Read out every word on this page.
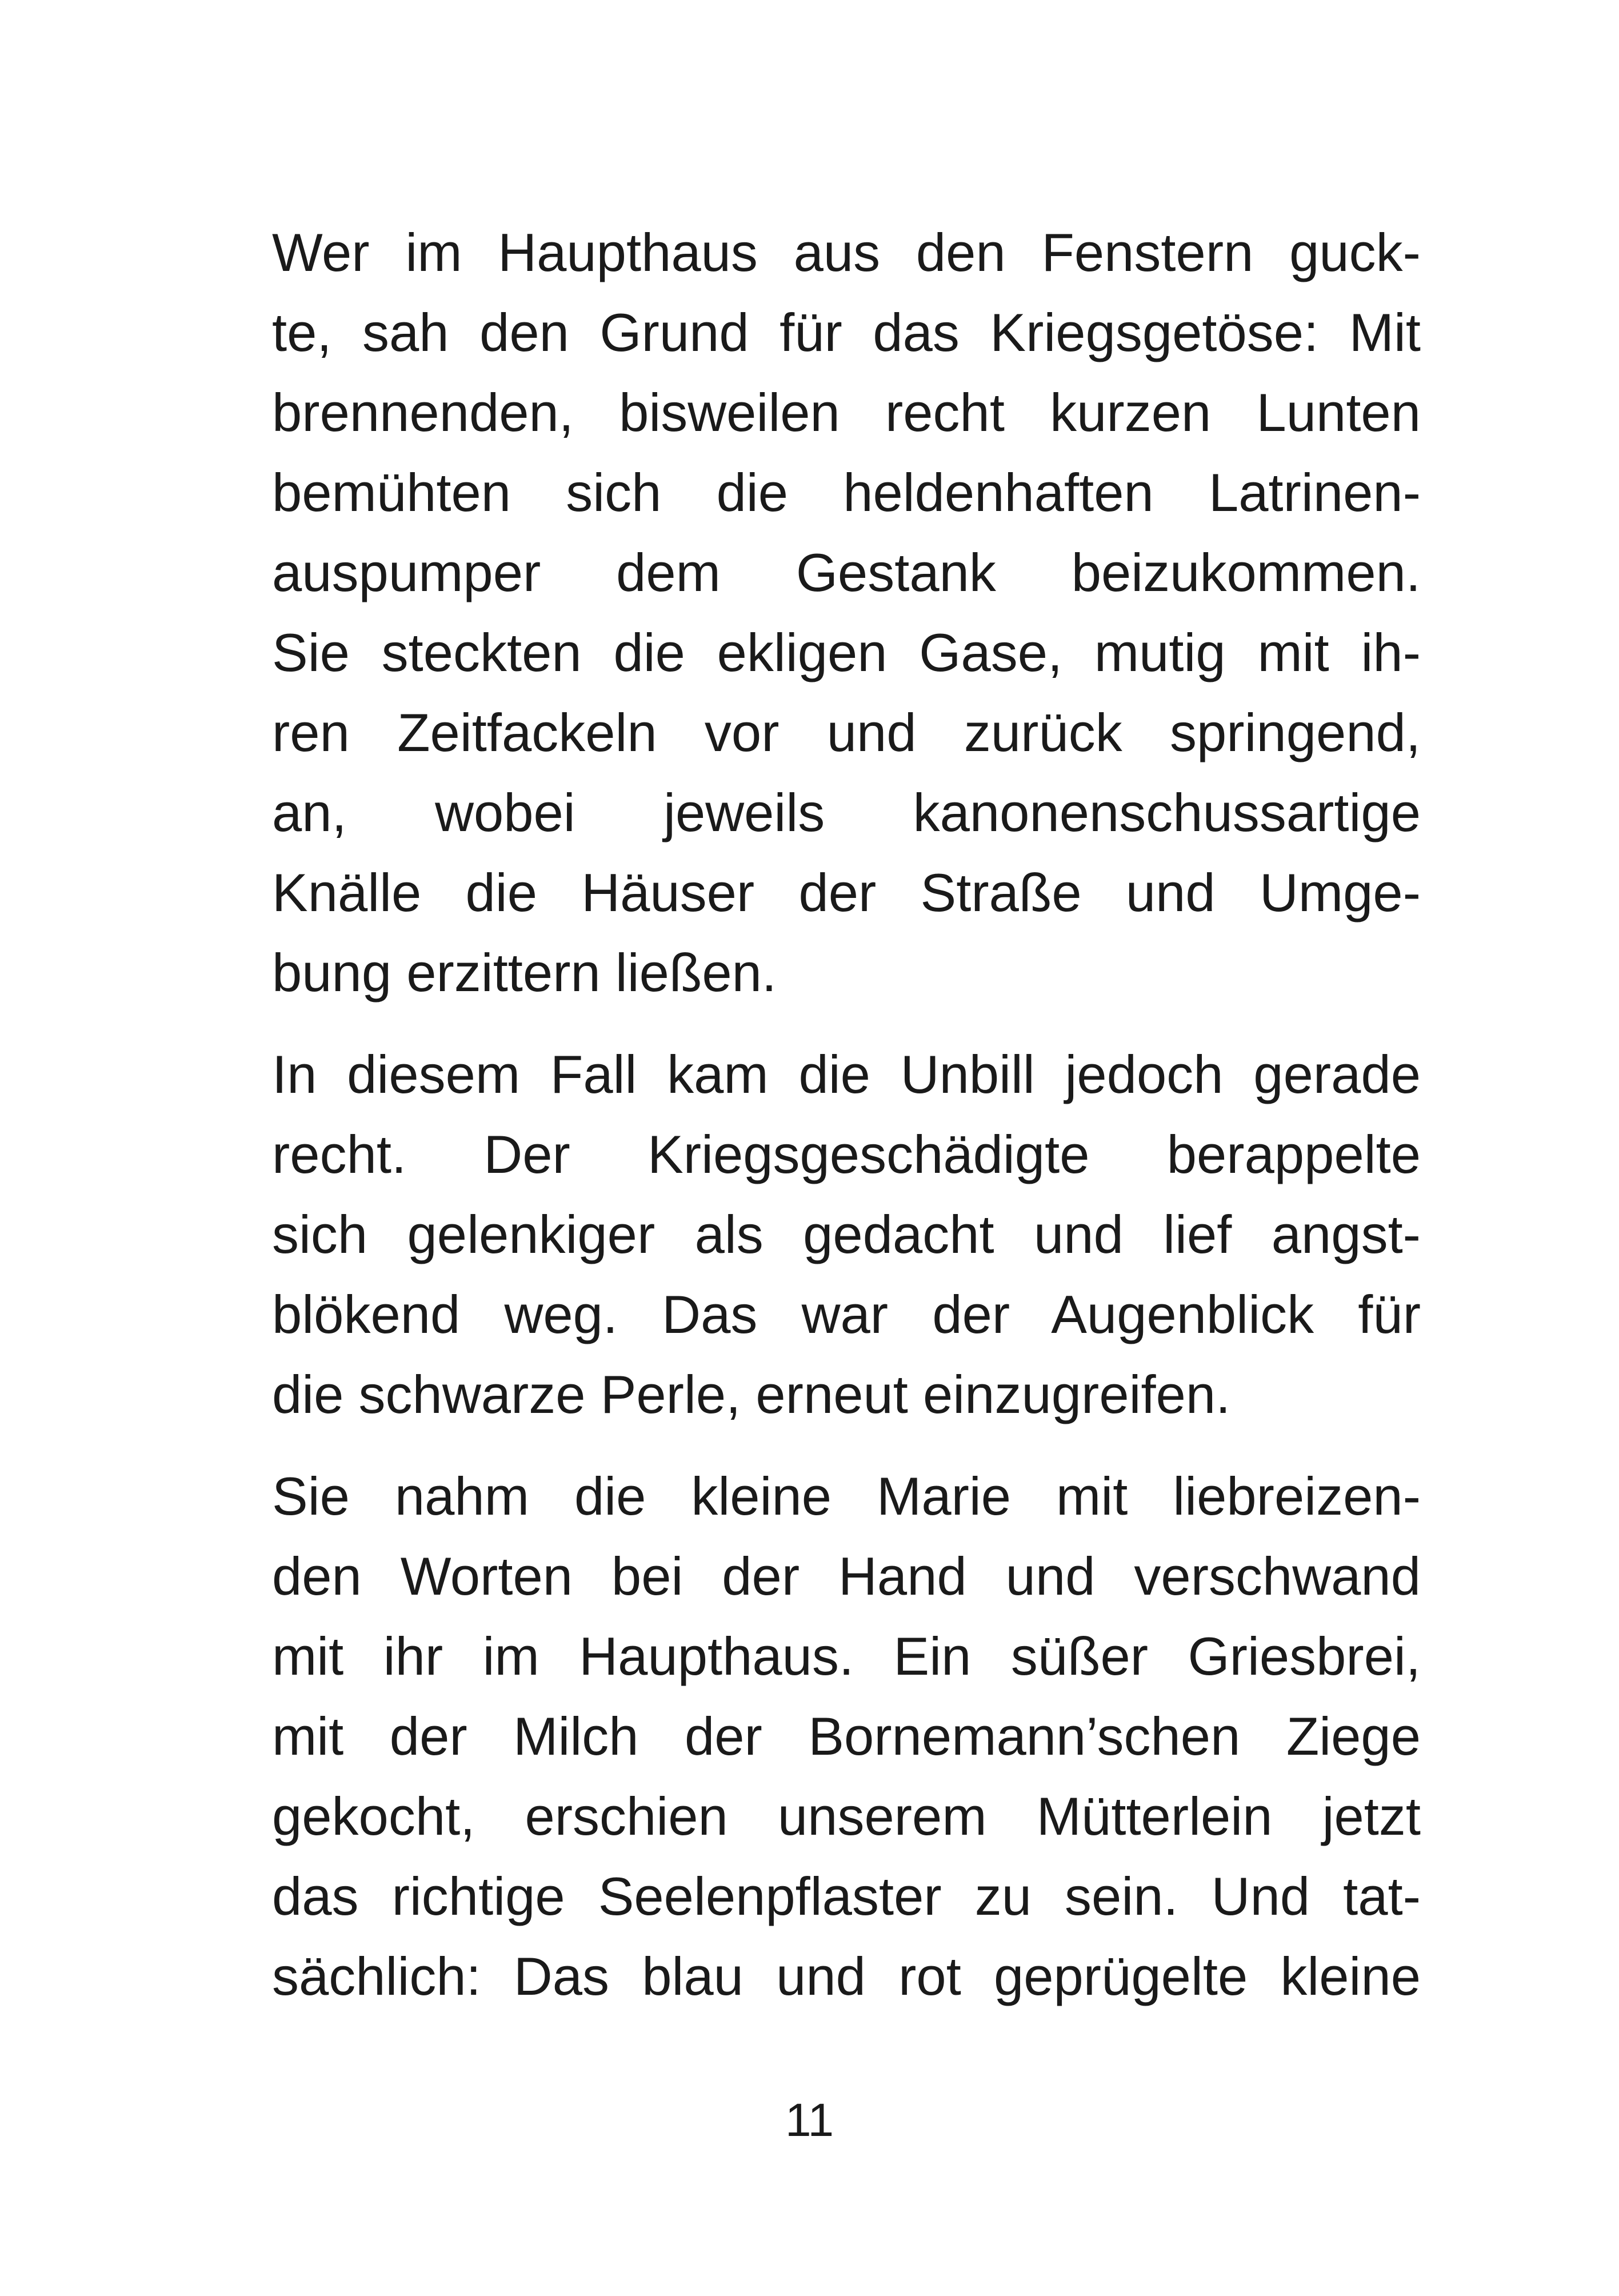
Wer im Haupthaus aus den Fenstern guck-
te, sah den Grund für das Kriegsgetöse: Mit
brennenden, bisweilen recht kurzen Lunten
bemühten sich die heldenhaften Latrinen-
auspumper dem Gestank beizukommen.
Sie steckten die ekligen Gase, mutig mit ih-
ren Zeitfackeln vor und zurück springend,
an, wobei jeweils kanonenschussartige
Knälle die Häuser der Straße und Umge-
bung erzittern ließen.

In diesem Fall kam die Unbill jedoch gerade
recht. Der Kriegsgeschädigte berappelte
sich gelenkiger als gedacht und lief angst-
blökend weg. Das war der Augenblick für
die schwarze Perle, erneut einzugreifen.

Sie nahm die kleine Marie mit liebreizen-
den Worten bei der Hand und verschwand
mit ihr im Haupthaus. Ein süßer Griesbrei,
mit der Milch der Bornemann’schen Ziege
gekocht, erschien unserem Mütterlein jetzt
das richtige Seelenpflaster zu sein. Und tat-
sächlich: Das blau und rot geprügelte kleine

11
